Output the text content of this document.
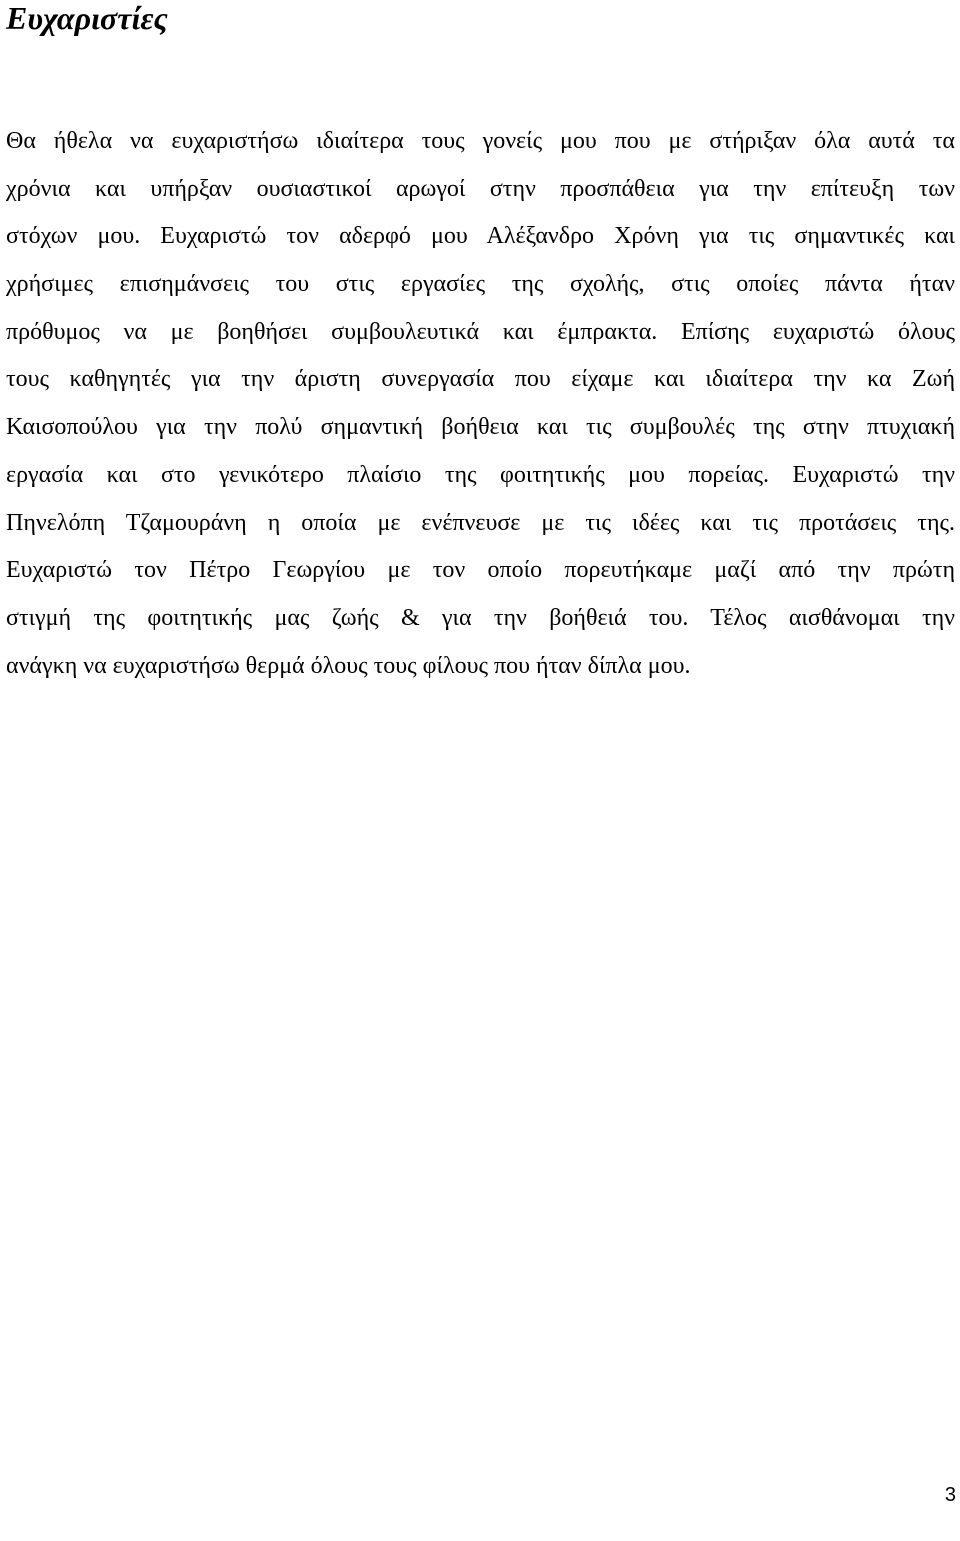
Ευχαριστίες
Θα ήθελα να ευχαριστήσω ιδιαίτερα τους γονείς μου που με στήριξαν όλα αυτά τα
χρόνια και υπήρξαν ουσιαστικοί αρωγοί στην προσπάθεια για την επίτευξη των
στόχων μου. Ευχαριστώ τον αδερφό μου Αλέξανδρο Χρόνη για τις σημαντικές και
χρήσιμες επισημάνσεις του στις εργασίες της σχολής, στις οποίες πάντα ήταν
πρόθυμος να με βοηθήσει συμβουλευτικά και έμπρακτα. Επίσης ευχαριστώ όλους
τους καθηγητές για την άριστη συνεργασία που είχαμε και ιδιαίτερα την κα Ζωή
Καισοπούλου για την πολύ σημαντική βοήθεια και τις συμβουλές της στην πτυχιακή
εργασία και στο γενικότερο πλαίσιο της φοιτητικής μου πορείας. Ευχαριστώ την
Πηνελόπη Τζαμουράνη η οποία με ενέπνευσε με τις ιδέες και τις προτάσεις της.
Ευχαριστώ τον Πέτρο Γεωργίου με τον οποίο πορευτήκαμε μαζί από την πρώτη
στιγμή της φοιτητικής μας ζωής & για την βοήθειά του. Τέλος αισθάνομαι την
ανάγκη να ευχαριστήσω θερμά όλους τους φίλους που ήταν δίπλα μου.
3
